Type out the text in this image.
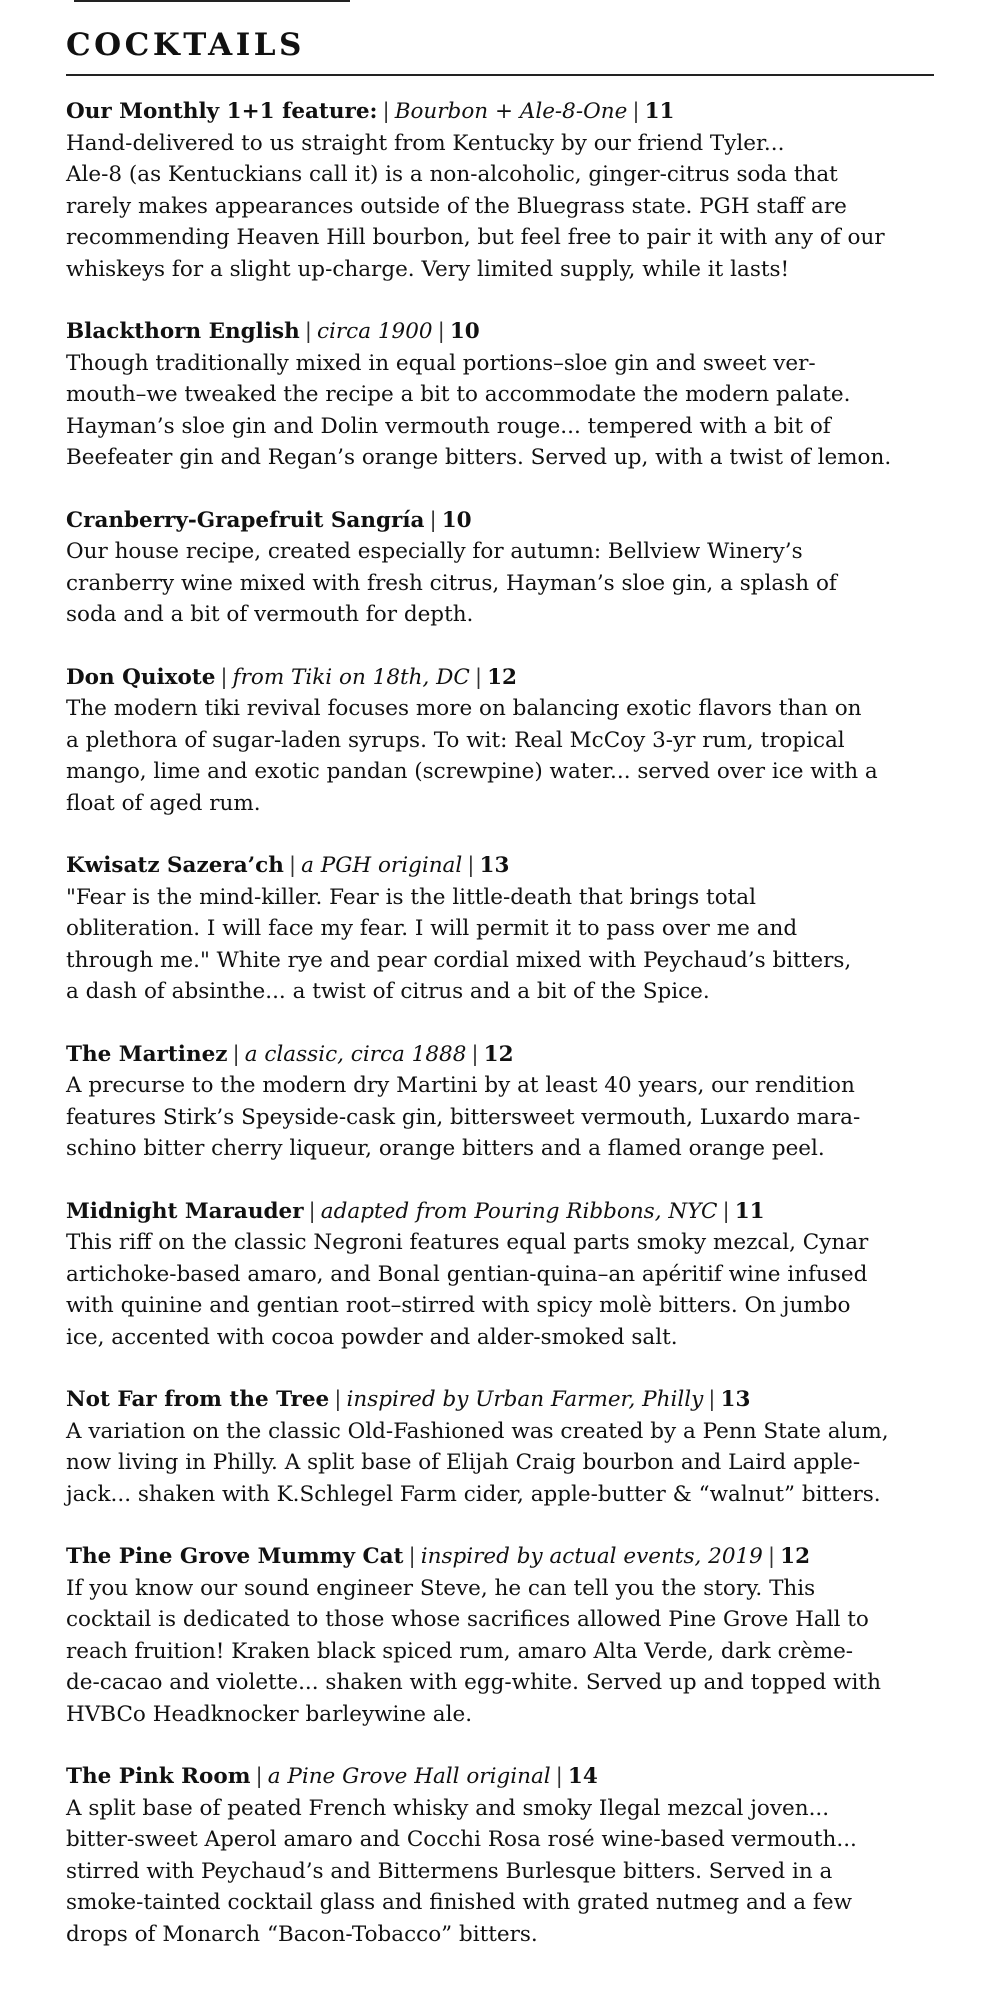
COCKTAILS
Our Monthly 1+1 feature: | Bourbon + Ale-8-One | 11
Hand-delivered to us straight from Kentucky by our friend Tyler...
Ale-8 (as Kentuckians call it) is a non-alcoholic, ginger-citrus soda that
rarely makes appearances outside of the Bluegrass state. PGH staff are
recommending Heaven Hill bourbon, but feel free to pair it with any of our
whiskeys for a slight up-charge. Very limited supply, while it lasts!
Blackthorn English | circa 1900 | 10
Though traditionally mixed in equal portions–sloe gin and sweet ver-
mouth–we tweaked the recipe a bit to accommodate the modern palate.
Hayman’s sloe gin and Dolin vermouth rouge... tempered with a bit of
Beefeater gin and Regan’s orange bitters. Served up, with a twist of lemon.
Cranberry-Grapefruit Sangría | 10
Our house recipe, created especially for autumn: Bellview Winery’s
cranberry wine mixed with fresh citrus, Hayman’s sloe gin, a splash of
soda and a bit of vermouth for depth.
Don Quixote | from Tiki on 18th, DC | 12
The modern tiki revival focuses more on balancing exotic flavors than on
a plethora of sugar-laden syrups. To wit: Real McCoy 3-yr rum, tropical
mango, lime and exotic pandan (screwpine) water... served over ice with a
float of aged rum.
Kwisatz Sazera’ch | a PGH original | 13
"Fear is the mind-killer. Fear is the little-death that brings total
obliteration. I will face my fear. I will permit it to pass over me and
through me." White rye and pear cordial mixed with Peychaud’s bitters,
a dash of absinthe... a twist of citrus and a bit of the Spice.
The Martinez | a classic, circa 1888 | 12
A precurse to the modern dry Martini by at least 40 years, our rendition
features Stirk’s Speyside-cask gin, bittersweet vermouth, Luxardo mara-
schino bitter cherry liqueur, orange bitters and a flamed orange peel.
Midnight Marauder | adapted from Pouring Ribbons, NYC | 11
This riff on the classic Negroni features equal parts smoky mezcal, Cynar
artichoke-based amaro, and Bonal gentian-quina–an apéritif wine infused
with quinine and gentian root–stirred with spicy molè bitters. On jumbo
ice, accented with cocoa powder and alder-smoked salt.
Not Far from the Tree | inspired by Urban Farmer, Philly | 13
A variation on the classic Old-Fashioned was created by a Penn State alum,
now living in Philly. A split base of Elijah Craig bourbon and Laird apple-
jack... shaken with K.Schlegel Farm cider, apple-butter & “walnut” bitters.
The Pine Grove Mummy Cat | inspired by actual events, 2019 | 12
If you know our sound engineer Steve, he can tell you the story. This
cocktail is dedicated to those whose sacrifices allowed Pine Grove Hall to
reach fruition! Kraken black spiced rum, amaro Alta Verde, dark crème-
de-cacao and violette... shaken with egg-white. Served up and topped with
HVBCo Headknocker barleywine ale.
The Pink Room | a Pine Grove Hall original | 14
A split base of peated French whisky and smoky Ilegal mezcal joven...
bitter-sweet Aperol amaro and Cocchi Rosa rosé wine-based vermouth...
stirred with Peychaud’s and Bittermens Burlesque bitters. Served in a
smoke-tainted cocktail glass and finished with grated nutmeg and a few
drops of Monarch “Bacon-Tobacco” bitters.
